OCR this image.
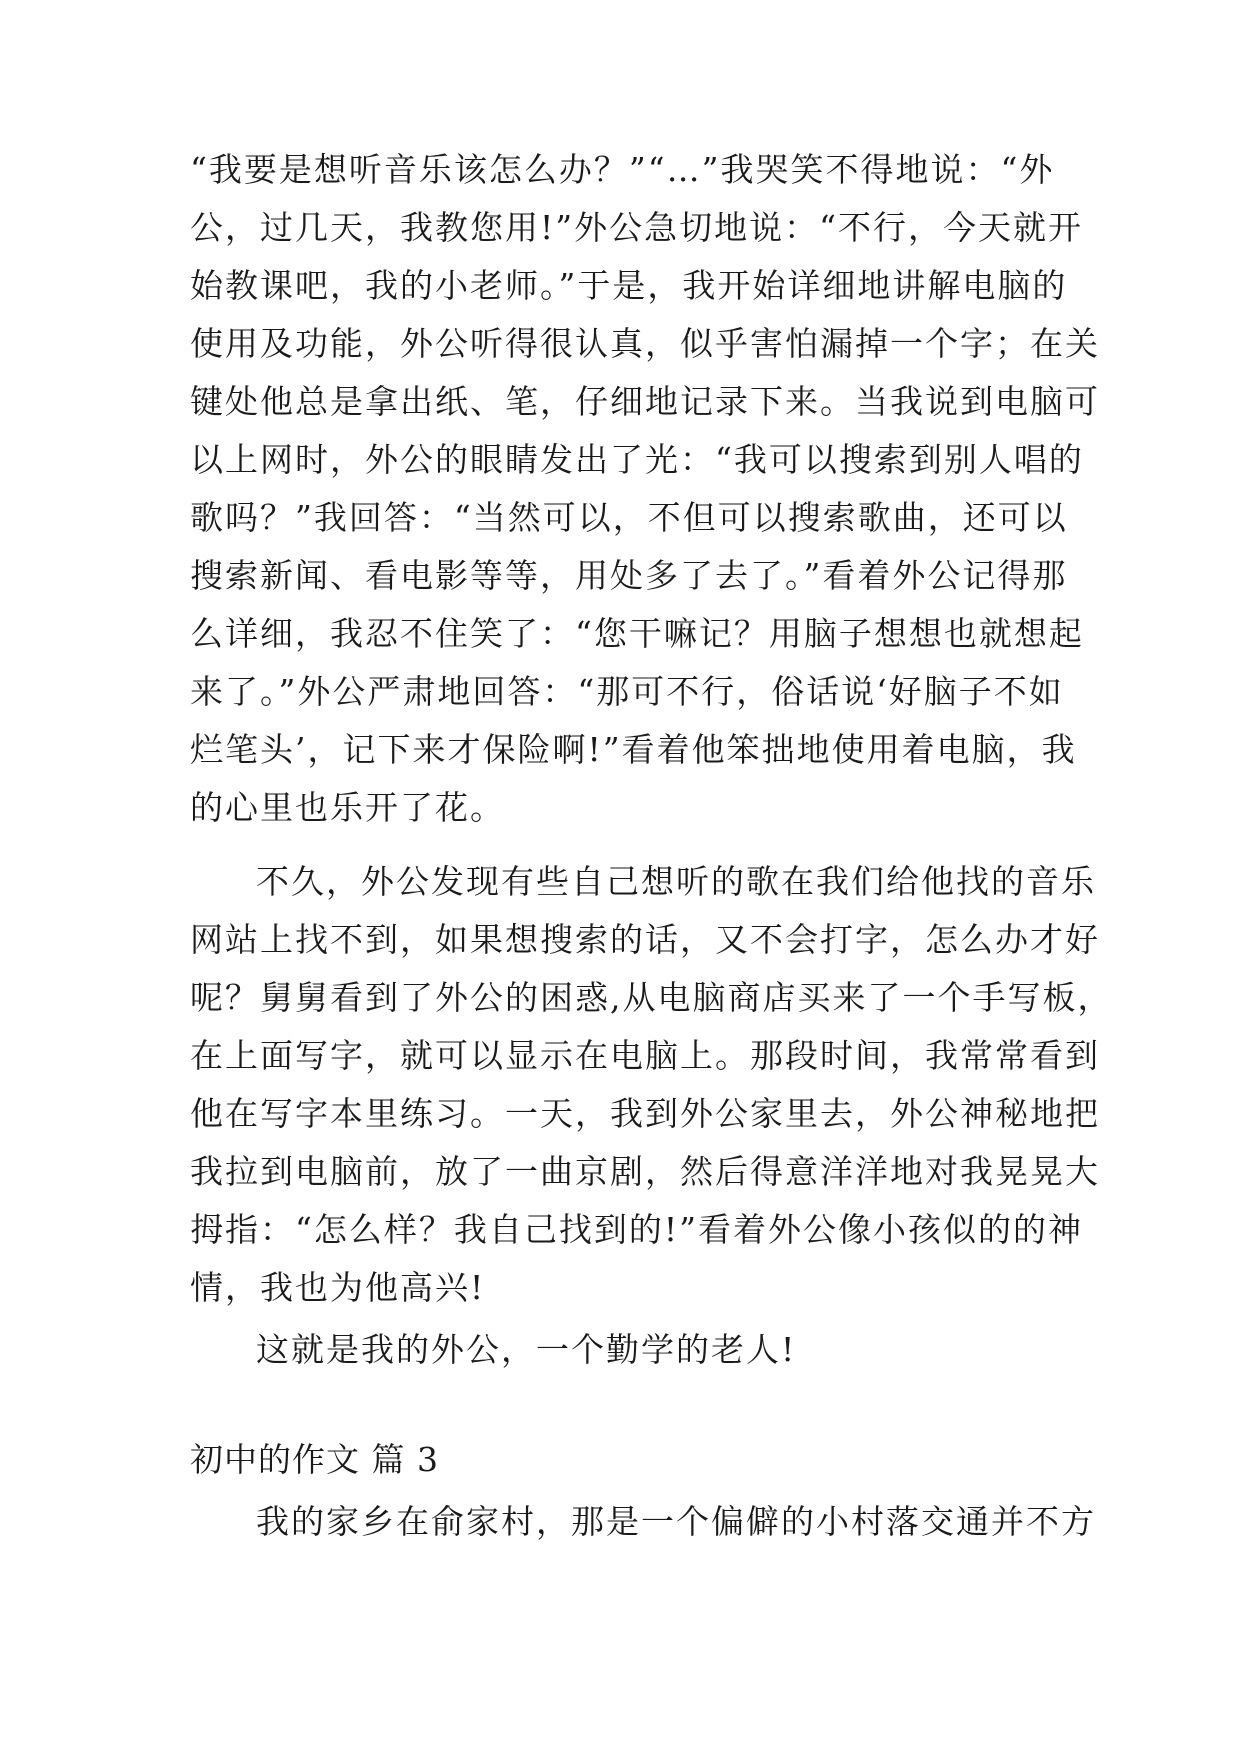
“我要是想听音乐该怎么办？”“…”我哭笑不得地说：“外
公，过几天，我教您用!”外公急切地说：“不行，今天就开
始教课吧，我的小老师。”于是，我开始详细地讲解电脑的
使用及功能，外公听得很认真，似乎害怕漏掉一个字；在关
键处他总是拿出纸、笔，仔细地记录下来。当我说到电脑可
以上网时，外公的眼睛发出了光：“我可以搜索到别人唱的
歌吗？”我回答：“当然可以，不但可以搜索歌曲，还可以
搜索新闻、看电影等等，用处多了去了。”看着外公记得那
么详细，我忍不住笑了：“您干嘛记？用脑子想想也就想起
来了。”外公严肃地回答：“那可不行，俗话说‘好脑子不如
烂笔头’，记下来才保险啊!”看着他笨拙地使用着电脑，我
的心里也乐开了花。
不久，外公发现有些自己想听的歌在我们给他找的音乐
网站上找不到，如果想搜索的话，又不会打字，怎么办才好
呢？舅舅看到了外公的困惑,从电脑商店买来了一个手写板，
在上面写字，就可以显示在电脑上。那段时间，我常常看到
他在写字本里练习。一天，我到外公家里去，外公神秘地把
我拉到电脑前，放了一曲京剧，然后得意洋洋地对我晃晃大
拇指：“怎么样？我自己找到的!”看着外公像小孩似的的神
情，我也为他高兴!
这就是我的外公，一个勤学的老人!
初中的作文 篇 3
我的家乡在俞家村，那是一个偏僻的小村落交通并不方
